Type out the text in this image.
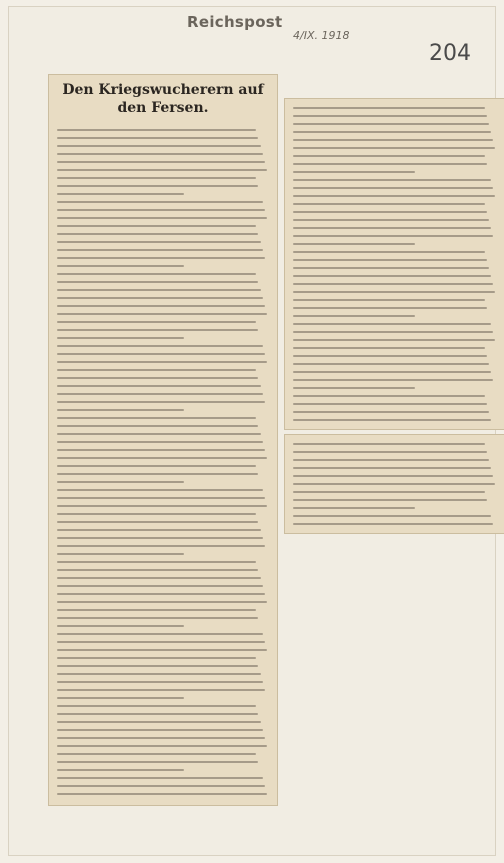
Reichspost
4/IX. 1918
204
Den Kriegswucherern auf den Fersen.
